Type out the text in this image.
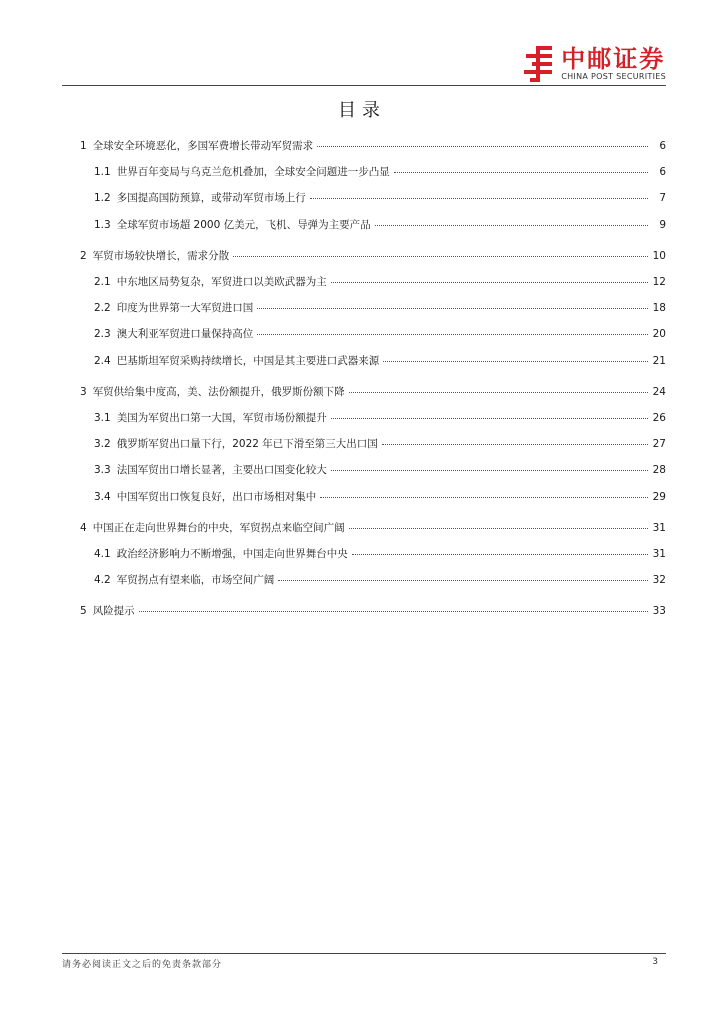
中邮证券
CHINA POST SECURITIES
目录
1 全球安全环境恶化，多国军费增长带动军贸需求	6
1.1 世界百年变局与乌克兰危机叠加，全球安全问题进一步凸显	6
1.2 多国提高国防预算，或带动军贸市场上行	7
1.3 全球军贸市场超 2000 亿美元，飞机、导弹为主要产品	9
2 军贸市场较快增长，需求分散	10
2.1 中东地区局势复杂，军贸进口以美欧武器为主	12
2.2 印度为世界第一大军贸进口国	18
2.3 澳大利亚军贸进口量保持高位	20
2.4 巴基斯坦军贸采购持续增长，中国是其主要进口武器来源	21
3 军贸供给集中度高，美、法份额提升，俄罗斯份额下降	24
3.1 美国为军贸出口第一大国，军贸市场份额提升	26
3.2 俄罗斯军贸出口量下行，2022 年已下滑至第三大出口国	27
3.3 法国军贸出口增长显著，主要出口国变化较大	28
3.4 中国军贸出口恢复良好，出口市场相对集中	29
4 中国正在走向世界舞台的中央，军贸拐点来临空间广阔	31
4.1 政治经济影响力不断增强，中国走向世界舞台中央	31
4.2 军贸拐点有望来临，市场空间广阔	32
5 风险提示	33
请务必阅读正文之后的免责条款部分	3
